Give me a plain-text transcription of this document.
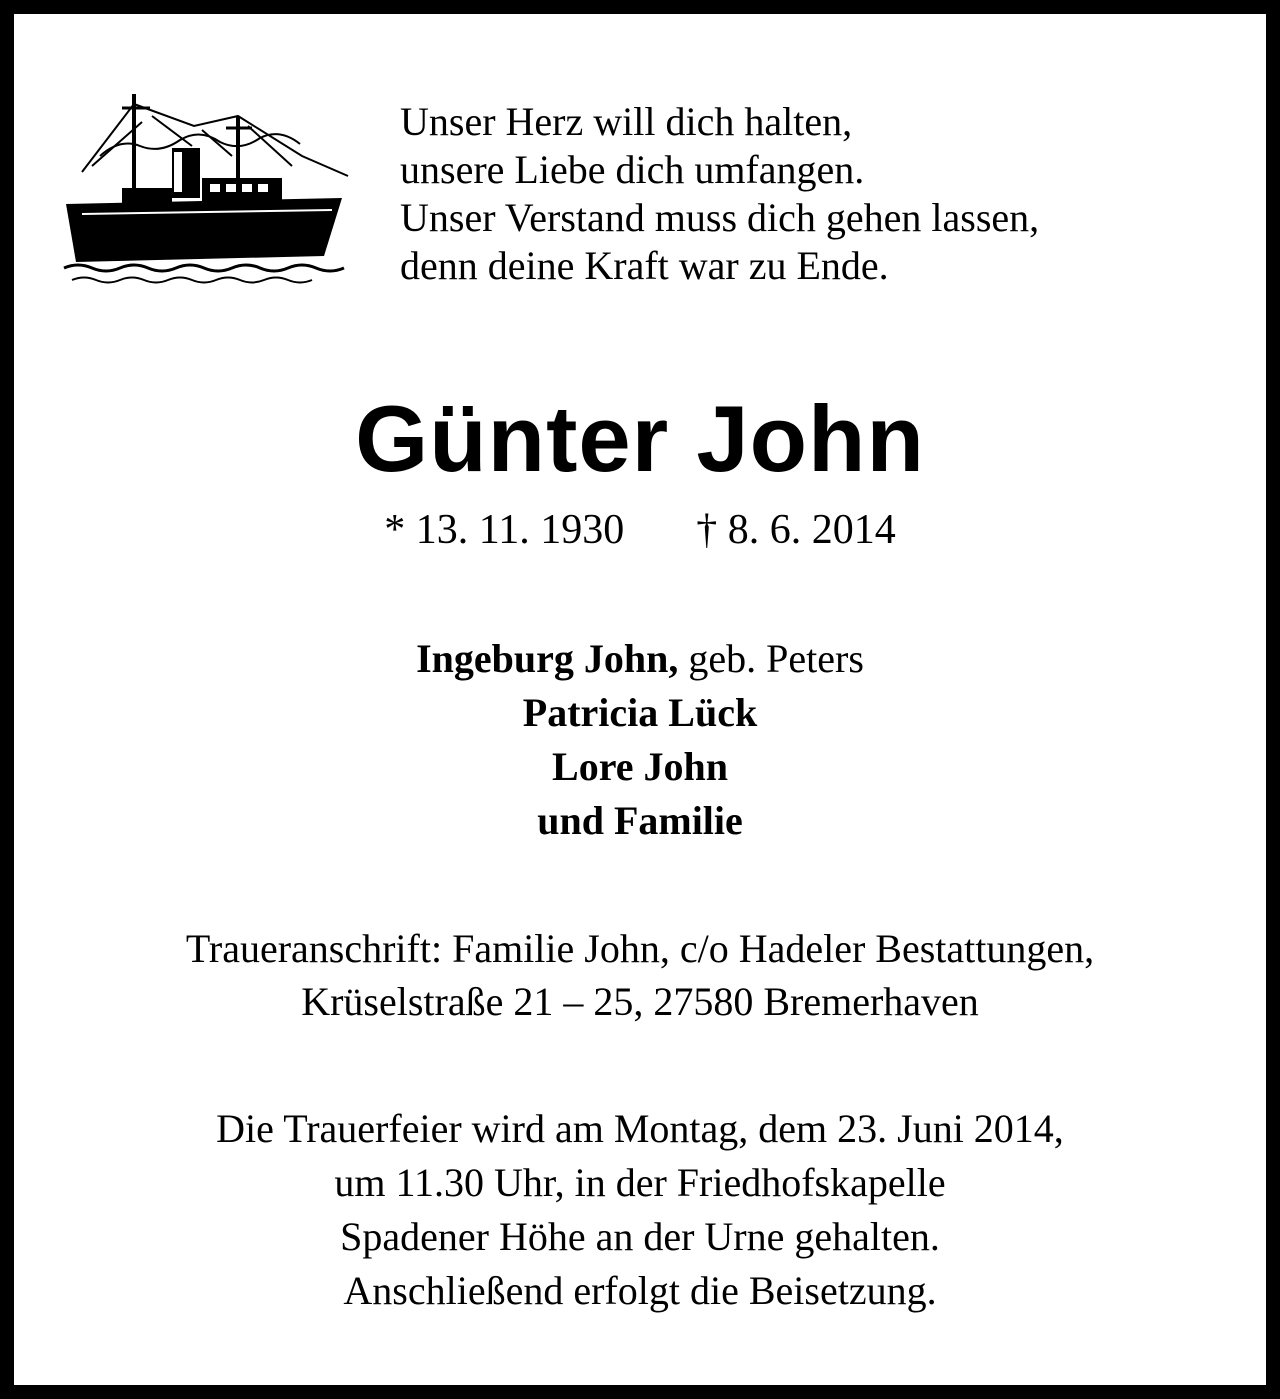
Unser Herz will dich halten,
unsere Liebe dich umfangen.
Unser Verstand muss dich gehen lassen,
denn deine Kraft war zu Ende.
Günter John
* 13. 11. 1930 † 8. 6. 2014
Ingeburg John, geb. Peters
Patricia Lück
Lore John
und Familie
Traueranschrift: Familie John, c/o Hadeler Bestattungen,
Krüselstraße 21 – 25, 27580 Bremerhaven
Die Trauerfeier wird am Montag, dem 23. Juni 2014,
um 11.30 Uhr, in der Friedhofskapelle
Spadener Höhe an der Urne gehalten.
Anschließend erfolgt die Beisetzung.
